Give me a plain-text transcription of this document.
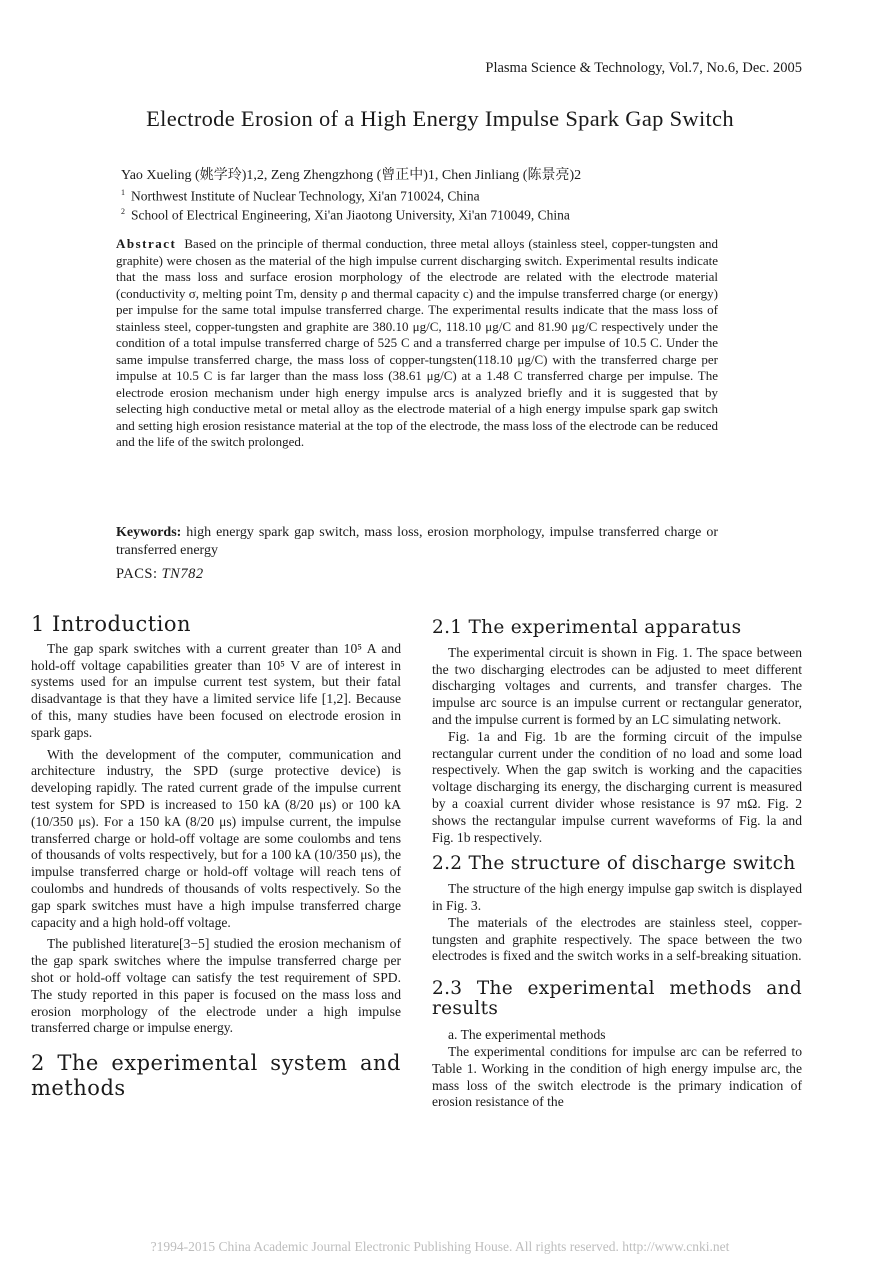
Plasma Science & Technology, Vol.7, No.6, Dec. 2005
Electrode Erosion of a High Energy Impulse Spark Gap Switch
Yao Xueling (姚学玲)1,2, Zeng Zhengzhong (曾正中)1, Chen Jinliang (陈景亮)2
$^1$ Northwest Institute of Nuclear Technology, Xi'an 710024, China
$^2$ School of Electrical Engineering, Xi'an Jiaotong University, Xi'an 710049, China
Abstract Based on the principle of thermal conduction, three metal alloys (stainless steel, copper-tungsten and graphite) were chosen as the material of the high impulse current discharging switch. Experimental results indicate that the mass loss and surface erosion morphology of the electrode are related with the electrode material (conductivity σ, melting point Tm, density ρ and thermal capacity c) and the impulse transferred charge (or energy) per impulse for the same total impulse transferred charge. The experimental results indicate that the mass loss of stainless steel, copper-tungsten and graphite are 380.10 μg/C, 118.10 μg/C and 81.90 μg/C respectively under the condition of a total impulse transferred charge of 525 C and a transferred charge per impulse of 10.5 C. Under the same impulse transferred charge, the mass loss of copper-tungsten(118.10 μg/C) with the transferred charge per impulse at 10.5 C is far larger than the mass loss (38.61 μg/C) at a 1.48 C transferred charge per impulse. The electrode erosion mechanism under high energy impulse arcs is analyzed briefly and it is suggested that by selecting high conductive metal or metal alloy as the electrode material of a high energy impulse spark gap switch and setting high erosion resistance material at the top of the electrode, the mass loss of the electrode can be reduced and the life of the switch prolonged.
Keywords: high energy spark gap switch, mass loss, erosion morphology, impulse transferred charge or transferred energy
PACS: TN782
1 Introduction

The gap spark switches with a current greater than 10⁵ A and hold-off voltage capabilities greater than 10⁵ V are of interest in systems used for an impulse current test system, but their fatal disadvantage is that they have a limited service life [1,2]. Because of this, many studies have been focused on electrode erosion in spark gaps.

With the development of the computer, communication and architecture industry, the SPD (surge protective device) is developing rapidly. The rated current grade of the impulse current test system for SPD is increased to 150 kA (8/20 μs) or 100 kA (10/350 μs). For a 150 kA (8/20 μs) impulse current, the impulse transferred charge or hold-off voltage are some coulombs and tens of thousands of volts respectively, but for a 100 kA (10/350 μs), the impulse transferred charge or hold-off voltage will reach tens of coulombs and hundreds of thousands of volts respectively. So the gap spark switches must have a high impulse transferred charge capacity and a high hold-off voltage.

The published literature[3−5] studied the erosion mechanism of the gap spark switches where the impulse transferred charge per shot or hold-off voltage can satisfy the test requirement of SPD. The study reported in this paper is focused on the mass loss and erosion morphology of the electrode under a high impulse transferred charge or impulse energy.

2 The experimental system and methods
2.1 The experimental apparatus

The experimental circuit is shown in Fig. 1. The space between the two discharging electrodes can be adjusted to meet different discharging voltages and currents, and transfer charges. The impulse arc source is an impulse current or rectangular generator, and the impulse current is formed by an LC simulating network.

Fig. 1a and Fig. 1b are the forming circuit of the impulse rectangular current under the condition of no load and some load respectively. When the gap switch is working and the capacities voltage discharging its energy, the discharging current is measured by a coaxial current divider whose resistance is 97 mΩ. Fig. 2 shows the rectangular impulse current waveforms of Fig. la and Fig. 1b respectively.

2.2 The structure of discharge switch

The structure of the high energy impulse gap switch is displayed in Fig. 3.

The materials of the electrodes are stainless steel, copper-tungsten and graphite respectively. The space between the two electrodes is fixed and the switch works in a self-breaking situation.

2.3 The experimental methods and results

a. The experimental methods

The experimental conditions for impulse arc can be referred to Table 1. Working in the condition of high energy impulse arc, the mass loss of the switch electrode is the primary indication of erosion resistance of the

?1994-2015 China Academic Journal Electronic Publishing House. All rights reserved. http://www.cnki.net
